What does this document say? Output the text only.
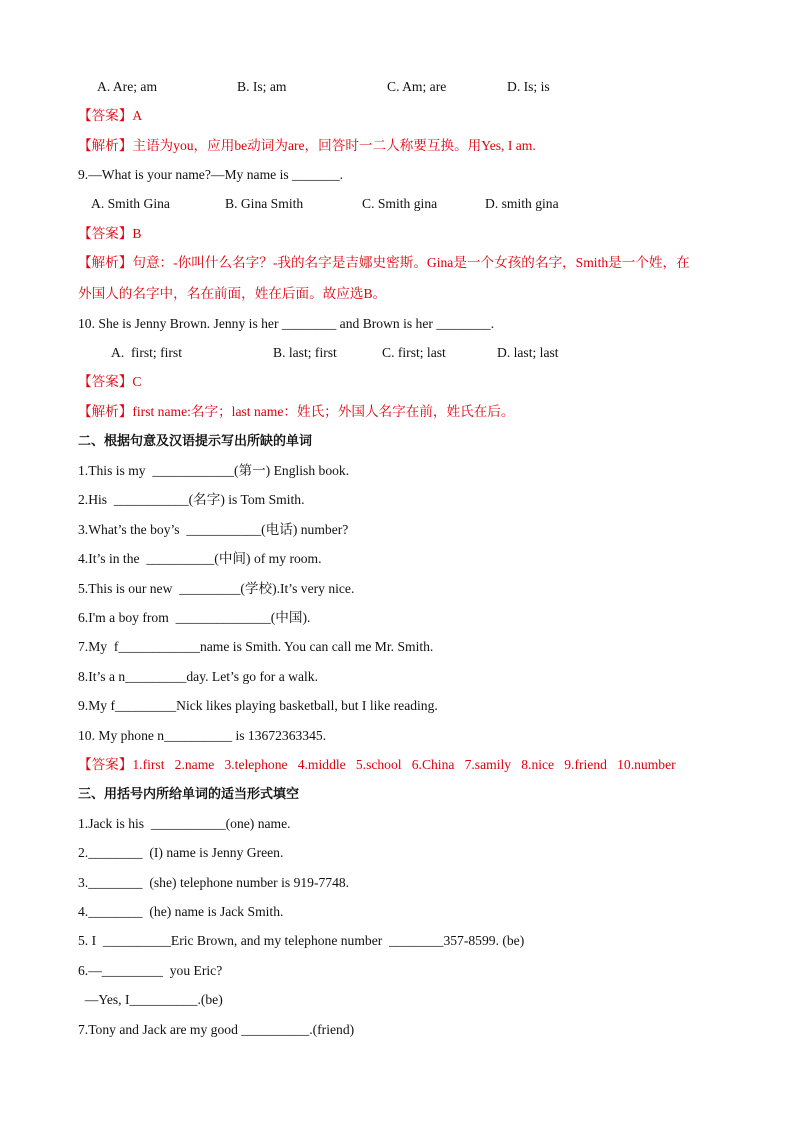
A. Are; am	B. Is; am	C. Am; are	D. Is; is
【答案】A
【解析】主语为you，应用be动词为are，回答时一二人称要互换。用Yes, I am.
9.—What is your name?—My name is _______.
A. Smith Gina	B. Gina Smith	C. Smith gina	D. smith gina
【答案】B
【解析】句意：-你叫什么名字？-我的名字是吉娜史密斯。Gina是一个女孩的名字，Smith是一个姓，在
外国人的名字中，名在前面，姓在后面。故应选B。
10. She is Jenny Brown. Jenny is her ________ and Brown is her ________.
A.  first; first	B. last; first	C. first; last	D. last; last
【答案】C
【解析】first name:名字；last name：姓氏；外国人名字在前，姓氏在后。
二、根据句意及汉语提示写出所缺的单词
1.This is my  ____________(第一) English book.
2.His  ___________(名字) is Tom Smith.
3.What’s the boy’s  ___________(电话) number?
4.It’s in the  __________(中间) of my room.
5.This is our new  _________(学校).It’s very nice.
6.I'm a boy from  ______________(中国).
7.My  f____________name is Smith. You can call me Mr. Smith.
8.It’s a n_________day. Let’s go for a walk.
9.My f_________Nick likes playing basketball, but I like reading.
10. My phone n__________ is 13672363345.
【答案】1.first   2.name   3.telephone   4.middle   5.school   6.China   7.samily   8.nice   9.friend   10.number
三、用括号内所给单词的适当形式填空
1.Jack is his  ___________(one) name.
2.________  (I) name is Jenny Green.
3.________  (she) telephone number is 919-7748.
4.________  (he) name is Jack Smith.
5. I  __________Eric Brown, and my telephone number  ________357-8599. (be)
6.—_________  you Eric?
—Yes, I__________.(be)
7.Tony and Jack are my good __________.(friend)
